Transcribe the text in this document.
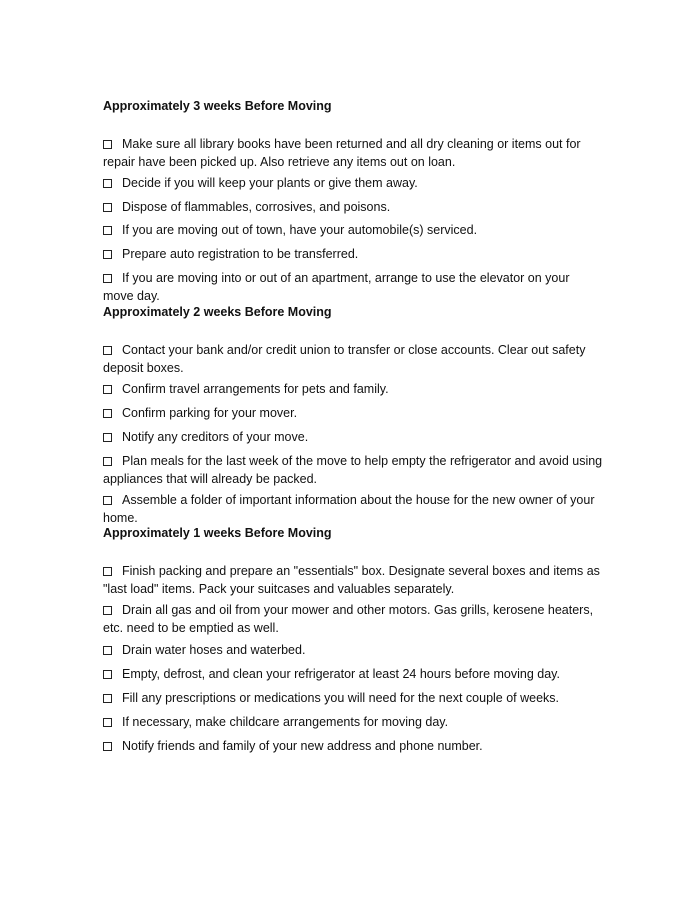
Approximately 3 weeks Before Moving
Make sure all library books have been returned and all dry cleaning or items out for repair have been picked up. Also retrieve any items out on loan.
Decide if you will keep your plants or give them away.
Dispose of flammables, corrosives, and poisons.
If you are moving out of town, have your automobile(s) serviced.
Prepare auto registration to be transferred.
If you are moving into or out of an apartment, arrange to use the elevator on your move day.
Approximately 2 weeks Before Moving
Contact your bank and/or credit union to transfer or close accounts. Clear out safety deposit boxes.
Confirm travel arrangements for pets and family.
Confirm parking for your mover.
Notify any creditors of your move.
Plan meals for the last week of the move to help empty the refrigerator and avoid using appliances that will already be packed.
Assemble a folder of important information about the house for the new owner of your home.
Approximately 1 weeks Before Moving
Finish packing and prepare an "essentials" box. Designate several boxes and items as "last load" items. Pack your suitcases and valuables separately.
Drain all gas and oil from your mower and other motors. Gas grills, kerosene heaters, etc. need to be emptied as well.
Drain water hoses and waterbed.
Empty, defrost, and clean your refrigerator at least 24 hours before moving day.
Fill any prescriptions or medications you will need for the next couple of weeks.
If necessary, make childcare arrangements for moving day.
Notify friends and family of your new address and phone number.
